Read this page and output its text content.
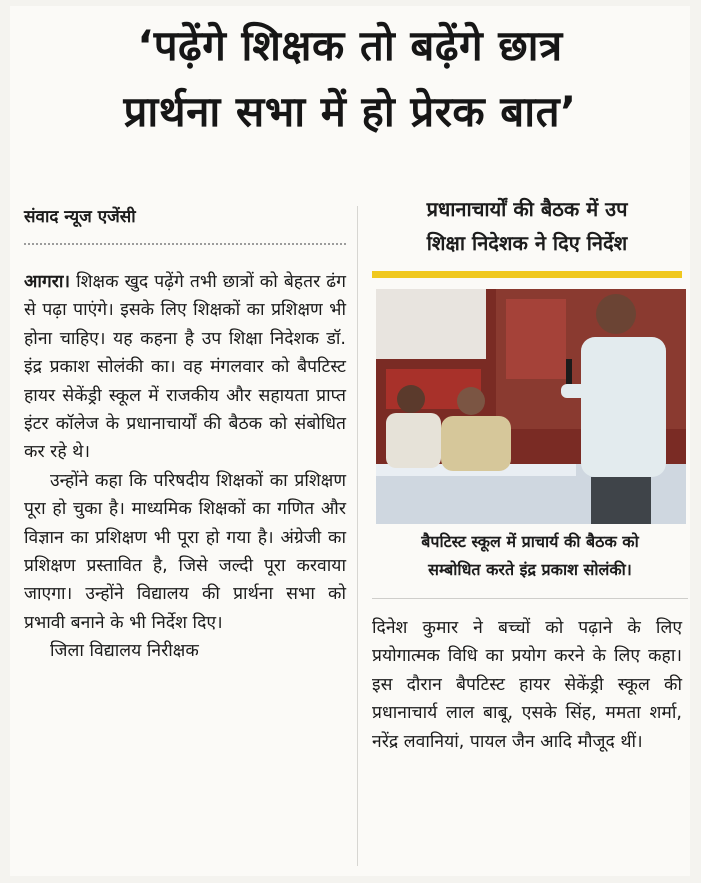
‘पढ़ेंगे शिक्षक तो बढ़ेंगे छात्र
प्रार्थना सभा में हो प्रेरक बात’
संवाद न्यूज एजेंसी

आगरा। शिक्षक खुद पढ़ेंगे तभी छात्रों को बेहतर ढंग से पढ़ा पाएंगे। इसके लिए शिक्षकों का प्रशिक्षण भी होना चाहिए। यह कहना है उप शिक्षा निदेशक डॉ. इंद्र प्रकाश सोलंकी का। वह मंगलवार को बैपटिस्ट हायर सेकेंड्री स्कूल में राजकीय और सहायता प्राप्त इंटर कॉलेज के प्रधानाचार्यों की बैठक को संबोधित कर रहे थे।

उन्होंने कहा कि परिषदीय शिक्षकों का प्रशिक्षण पूरा हो चुका है। माध्यमिक शिक्षकों का गणित और विज्ञान का प्रशिक्षण भी पूरा हो गया है। अंग्रेजी का प्रशिक्षण प्रस्तावित है, जिसे जल्दी पूरा करवाया जाएगा। उन्होंने विद्यालय की प्रार्थना सभा को प्रभावी बनाने के भी निर्देश दिए।

जिला विद्यालय निरीक्षक

प्रधानाचार्यों की बैठक में उप
शिक्षा निदेशक ने दिए निर्देश
बैपटिस्ट स्कूल में प्राचार्य की बैठक को
सम्बोधित करते इंद्र प्रकाश सोलंकी।

दिनेश कुमार ने बच्चों को पढ़ाने के लिए प्रयोगात्मक विधि का प्रयोग करने के लिए कहा। इस दौरान बैपटिस्ट हायर सेकेंड्री स्कूल की प्रधानाचार्य लाल बाबू, एसके सिंह, ममता शर्मा, नरेंद्र लवानियां, पायल जैन आदि मौजूद थीं।
